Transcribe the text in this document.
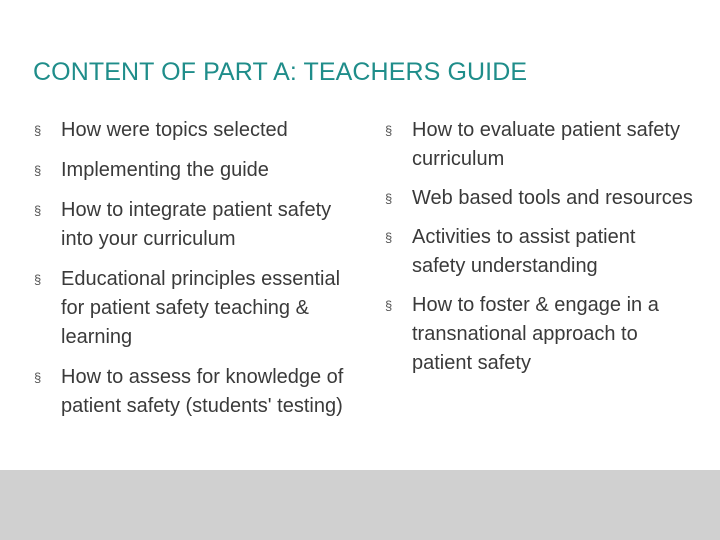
CONTENT OF PART A: TEACHERS GUIDE
§ How were topics selected
§ Implementing the guide
§ How to integrate patient safety into your curriculum
§ Educational principles essential for patient safety teaching & learning
§ How to assess for knowledge of patient safety (students' testing)
§ How to evaluate patient safety curriculum
§ Web based tools and resources
§ Activities to assist patient safety understanding
§ How to foster & engage in a transnational approach to patient safety
